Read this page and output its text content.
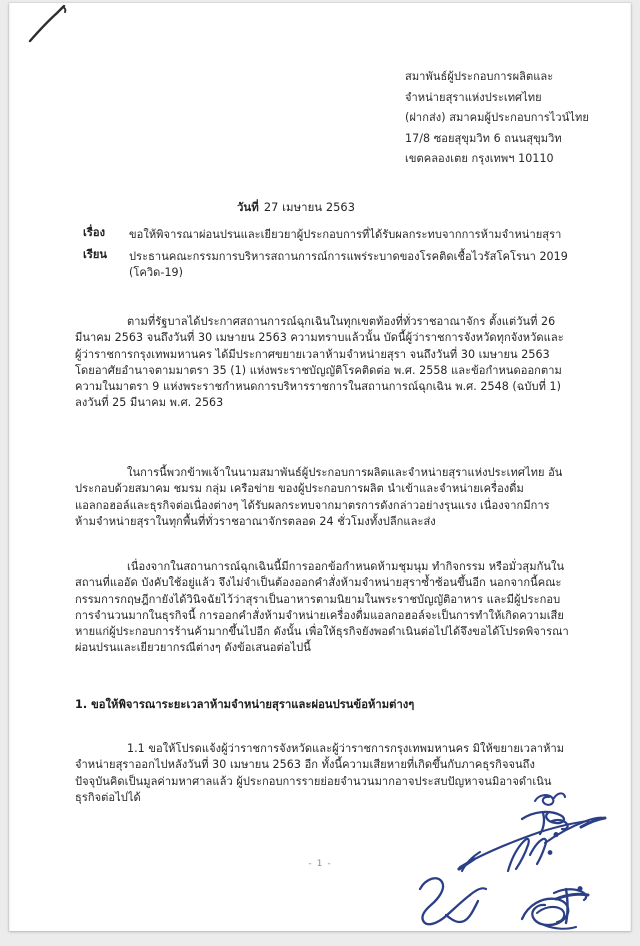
สมาพันธ์ผู้ประกอบการผลิตและ
จำหน่ายสุราแห่งประเทศไทย
(ฝากส่ง) สมาคมผู้ประกอบการไวน์ไทย
17/8 ซอยสุขุมวิท 6 ถนนสุขุมวิท
เขตคลองเตย กรุงเทพฯ 10110
วันที่ 27 เมษายน 2563
เรื่อง	ขอให้พิจารณาผ่อนปรนและเยียวยาผู้ประกอบการที่ได้รับผลกระทบจากการห้ามจำหน่ายสุรา
เรียน	ประธานคณะกรรมการบริหารสถานการณ์การแพร่ระบาดของโรคติดเชื้อไวรัสโคโรนา 2019
(โควิด-19)

ตามที่รัฐบาลได้ประกาศสถานการณ์ฉุกเฉินในทุกเขตท้องที่ทั่วราชอาณาจักร ตั้งแต่วันที่ 26 มีนาคม 2563 จนถึงวันที่ 30 เมษายน 2563 ความทราบแล้วนั้น บัดนี้ผู้ว่าราชการจังหวัดทุกจังหวัดและผู้ว่าราชการกรุงเทพมหานคร ได้มีประกาศขยายเวลาห้ามจำหน่ายสุรา จนถึงวันที่ 30 เมษายน 2563 โดยอาศัยอำนาจตามมาตรา 35 (1) แห่งพระราชบัญญัติโรคติดต่อ พ.ศ. 2558 และข้อกำหนดออกตามความในมาตรา 9 แห่งพระราชกำหนดการบริหารราชการในสถานการณ์ฉุกเฉิน พ.ศ. 2548 (ฉบับที่ 1) ลงวันที่ 25 มีนาคม พ.ศ. 2563

ในการนี้พวกข้าพเจ้าในนามสมาพันธ์ผู้ประกอบการผลิตและจำหน่ายสุราแห่งประเทศไทย อันประกอบด้วยสมาคม ชมรม กลุ่ม เครือข่าย ของผู้ประกอบการผลิต นำเข้าและจำหน่ายเครื่องดื่มแอลกอฮอล์และธุรกิจต่อเนื่องต่างๆ ได้รับผลกระทบจากมาตรการดังกล่าวอย่างรุนแรง เนื่องจากมีการห้ามจำหน่ายสุราในทุกพื้นที่ทั่วราชอาณาจักรตลอด 24 ชั่วโมงทั้งปลีกและส่ง

เนื่องจากในสถานการณ์ฉุกเฉินนี้มีการออกข้อกำหนดห้ามชุมนุม ทำกิจกรรม หรือมั่วสุมกันในสถานที่แออัด บังคับใช้อยู่แล้ว จึงไม่จำเป็นต้องออกคำสั่งห้ามจำหน่ายสุราซ้ำซ้อนขึ้นอีก นอกจากนี้คณะกรรมการกฤษฎีกายังได้วินิจฉัยไว้ว่าสุราเป็นอาหารตามนิยามในพระราชบัญญัติอาหาร และมีผู้ประกอบการจำนวนมากในธุรกิจนี้ การออกคำสั่งห้ามจำหน่ายเครื่องดื่มแอลกอฮอล์จะเป็นการทำให้เกิดความเสียหายแก่ผู้ประกอบการร้านค้ามากขึ้นไปอีก ดังนั้น เพื่อให้ธุรกิจยังพอดำเนินต่อไปได้จึงขอได้โปรดพิจารณาผ่อนปรนและเยียวยากรณีต่างๆ ดังข้อเสนอต่อไปนี้

1. ขอให้พิจารณาระยะเวลาห้ามจำหน่ายสุราและผ่อนปรนข้อห้ามต่างๆ

1.1 ขอให้โปรดแจ้งผู้ว่าราชการจังหวัดและผู้ว่าราชการกรุงเทพมหานคร มิให้ขยายเวลาห้ามจำหน่ายสุราออกไปหลังวันที่ 30 เมษายน 2563 อีก ทั้งนี้ความเสียหายที่เกิดขึ้นกับภาคธุรกิจจนถึงปัจจุบันคิดเป็นมูลค่ามหาศาลแล้ว ผู้ประกอบการรายย่อยจำนวนมากอาจประสบปัญหาจนมิอาจดำเนินธุรกิจต่อไปได้

- 1 -
